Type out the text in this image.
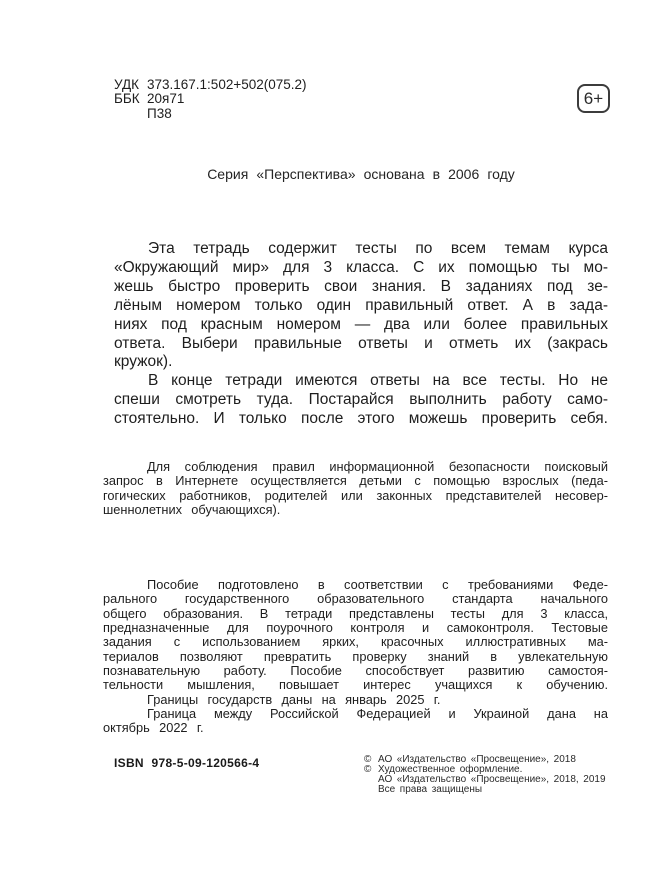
УДК 373.167.1:502+502(075.2)
ББК 20я71
П38
6+
Серия «Перспектива» основана в 2006 году
Эта тетрадь содержит тесты по всем темам курса
«Окружающий мир» для 3 класса. С их помощью ты мо-
жешь быстро проверить свои знания. В заданиях под зе-
лёным номером только один правильный ответ. А в зада-
ниях под красным номером — два или более правильных
ответа. Выбери правильные ответы и отметь их (закрась
кружок).
В конце тетради имеются ответы на все тесты. Но не
спеши смотреть туда. Постарайся выполнить работу само-
стоятельно. И только после этого можешь проверить себя.
Для соблюдения правил информационной безопасности поисковый
запрос в Интернете осуществляется детьми с помощью взрослых (педа-
гогических работников, родителей или законных представителей несовер-
шеннолетних обучающихся).
Пособие подготовлено в соответствии с требованиями Феде-
рального государственного образовательного стандарта начального
общего образования. В тетради представлены тесты для 3 класса,
предназначенные для поурочного контроля и самоконтроля. Тестовые
задания с использованием ярких, красочных иллюстративных ма-
териалов позволяют превратить проверку знаний в увлекательную
познавательную работу. Пособие способствует развитию самостоя-
тельности мышления, повышает интерес учащихся к обучению.
Границы государств даны на январь 2025 г.
Граница между Российской Федерацией и Украиной дана на
октябрь 2022 г.
ISBN 978-5-09-120566-4	© АО «Издательство «Просвещение», 2018
© Художественное оформление.
АО «Издательство «Просвещение», 2018, 2019
Все права защищены
